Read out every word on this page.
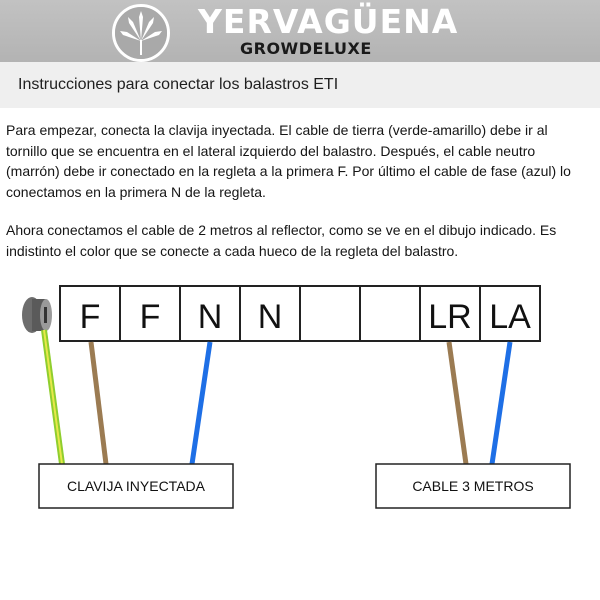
YERVAGÜENA
GROWDELUXE
Instrucciones para conectar los balastros ETI

Para empezar, conecta la clavija inyectada. El cable de tierra (verde-amarillo) debe ir al tornillo que se encuentra en el lateral izquierdo del balastro. Después, el cable neutro (marrón) debe ir conectado en la regleta a la primera F. Por último el cable de fase (azul) lo conectamos en la primera N de la regleta.

Ahora conectamos el cable de 2 metros al reflector, como se ve en el dibujo indicado. Es indistinto el color que se conecte a cada hueco de la regleta del balastro.

F F N N	LR LA
CLAVIJA INYECTADA	CABLE 3 METROS
